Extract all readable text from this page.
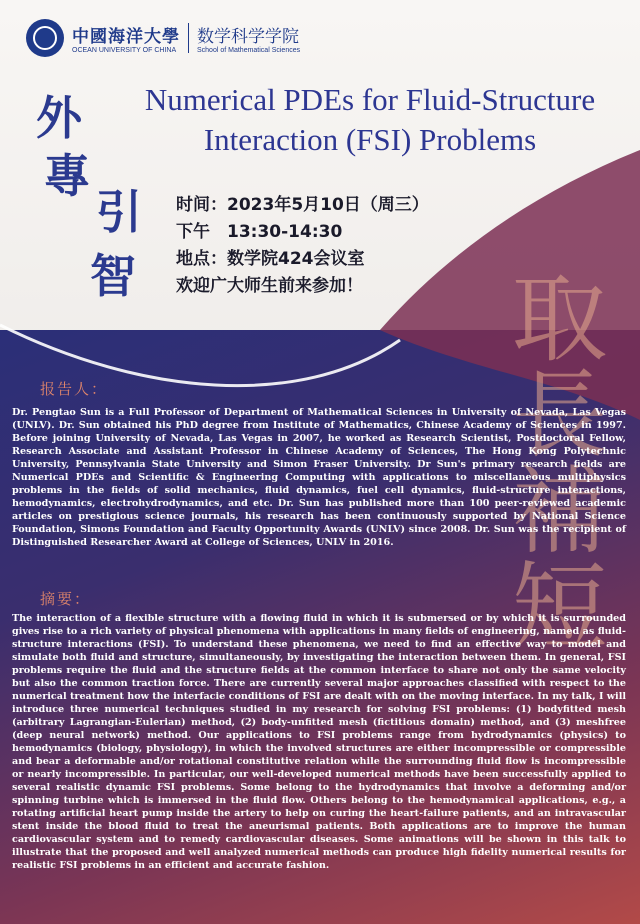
中國海洋大學
OCEAN UNIVERSITY OF CHINA
数学科学学院
School of Mathematical Sciences
外
專
引
智
Numerical PDEs for Fluid-Structure
Interaction (FSI) Problems
时间：2023年5月10日（周三）
下午　13:30-14:30
地点：数学院424会议室
欢迎广大师生前来参加！	取長補短
报告人：
Dr. Pengtao Sun is a Full Professor of Department of Mathematical Sciences in University of Nevada, Las Vegas (UNLV). Dr. Sun obtained his PhD degree from Institute of Mathematics, Chinese Academy of Sciences in 1997. Before joining University of Nevada, Las Vegas in 2007, he worked as Research Scientist, Postdoctoral Fellow, Research Associate and Assistant Professor in Chinese Academy of Sciences, The Hong Kong Polytechnic University, Pennsylvania State University and Simon Fraser University. Dr Sun's primary research fields are Numerical PDEs and Scientific & Engineering Computing with applications to miscellaneous multiphysics problems in the fields of solid mechanics, fluid dynamics, fuel cell dynamics, fluid-structure interactions, hemodynamics, electrohydrodynamics, and etc. Dr. Sun has published more than 100 peer-reviewed academic articles on prestigious science journals, his research has been continuously supported by National Science Foundation, Simons Foundation and Faculty Opportunity Awards (UNLV) since 2008. Dr. Sun was the recipient of Distinguished Researcher Award at College of Sciences, UNLV in 2016.
摘要：
The interaction of a flexible structure with a flowing fluid in which it is submersed or by which it is surrounded gives rise to a rich variety of physical phenomena with applications in many fields of engineering, named as fluid-structure interactions (FSI). To understand these phenomena, we need to find an effective way to model and simulate both fluid and structure, simultaneously, by investigating the interaction between them. In general, FSI problems require the fluid and the structure fields at the common interface to share not only the same velocity but also the common traction force. There are currently several major approaches classified with respect to the numerical treatment how the interfacie conditions of FSI are dealt with on the moving interface. In my talk, I will introduce three numerical techniques studied in my research for solving FSI problems: (1) bodyfitted mesh (arbitrary Lagrangian-Eulerian) method, (2) body-unfitted mesh (fictitious domain) method, and (3) meshfree (deep neural network) method. Our applications to FSI problems range from hydrodynamics (physics) to hemodynamics (biology, physiology), in which the involved structures are either incompressible or compressible and bear a deformable and/or rotational constitutive relation while the surrounding fluid flow is incompressible or nearly incompressible. In particular, our well-developed numerical methods have been successfully applied to several realistic dynamic FSI problems. Some belong to the hydrodynamics that involve a deforming and/or spinning turbine which is immersed in the fluid flow. Others belong to the hemodynamical applications, e.g., a rotating artificial heart pump inside the artery to help on curing the heart-failure patients, and an intravascular stent inside the blood fluid to treat the aneurismal patients. Both applications are to improve the human cardiovascular system and to remedy cardiovascular diseases. Some animations will be shown in this talk to illustrate that the proposed and well analyzed numerical methods can produce high fidelity numerical results for realistic FSI problems in an efficient and accurate fashion.
